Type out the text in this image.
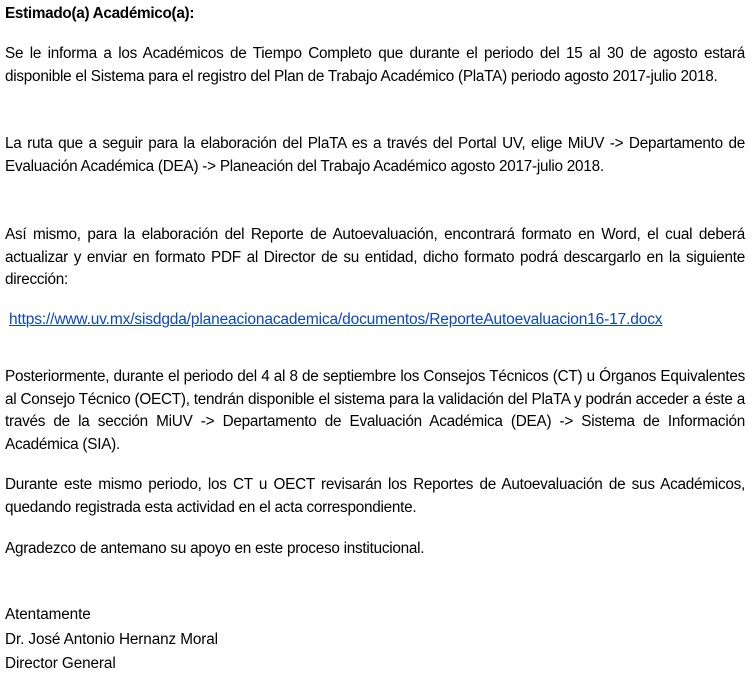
Estimado(a) Académico(a):

Se le informa a los Académicos de Tiempo Completo que durante el periodo del 15 al 30 de agosto estará disponible el Sistema para el registro del Plan de Trabajo Académico (PlaTA) periodo agosto 2017-julio 2018.

La ruta que a seguir para la elaboración del PlaTA es a través del Portal UV, elige MiUV -> Departamento de Evaluación Académica (DEA) -> Planeación del Trabajo Académico agosto 2017-julio 2018.

Así mismo, para la elaboración del Reporte de Autoevaluación, encontrará formato en Word, el cual deberá actualizar y enviar en formato PDF al Director de su entidad, dicho formato podrá descargarlo en la siguiente dirección:

https://www.uv.mx/sisdgda/planeacionacademica/documentos/ReporteAutoevaluacion16-17.docx

Posteriormente, durante el periodo del 4 al 8 de septiembre los Consejos Técnicos (CT) u Órganos Equivalentes al Consejo Técnico (OECT), tendrán disponible el sistema para la validación del PlaTA y podrán acceder a éste a través de la sección MiUV -> Departamento de Evaluación Académica (DEA) -> Sistema de Información Académica (SIA).

Durante este mismo periodo, los CT u OECT revisarán los Reportes de Autoevaluación de sus Académicos, quedando registrada esta actividad en el acta correspondiente.

Agradezco de antemano su apoyo en este proceso institucional.

Atentamente
Dr. José Antonio Hernanz Moral
Director General
